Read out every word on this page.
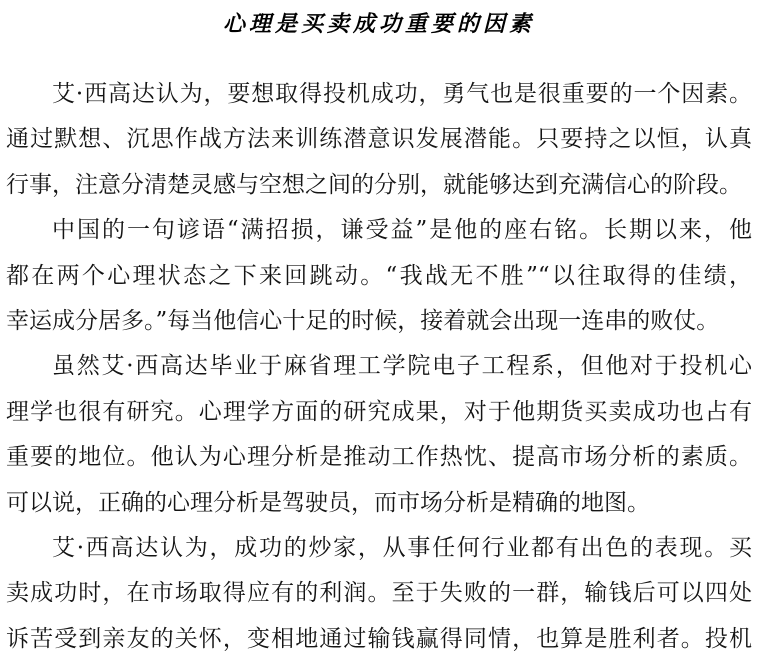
心理是买卖成功重要的因素
艾·西高达认为，要想取得投机成功，勇气也是很重要的一个因素。
通过默想、沉思作战方法来训练潜意识发展潜能。只要持之以恒，认真
行事，注意分清楚灵感与空想之间的分别，就能够达到充满信心的阶段。
中国的一句谚语“满招损，谦受益”是他的座右铭。长期以来，他
都在两个心理状态之下来回跳动。“我战无不胜”“以往取得的佳绩，
幸运成分居多。”每当他信心十足的时候，接着就会出现一连串的败仗。
虽然艾·西高达毕业于麻省理工学院电子工程系，但他对于投机心
理学也很有研究。心理学方面的研究成果，对于他期货买卖成功也占有
重要的地位。他认为心理分析是推动工作热忱、提高市场分析的素质。
可以说，正确的心理分析是驾驶员，而市场分析是精确的地图。
艾·西高达认为，成功的炒家，从事任何行业都有出色的表现。买
卖成功时，在市场取得应有的利润。至于失败的一群，输钱后可以四处
诉苦受到亲友的关怀，变相地通过输钱赢得同情，也算是胜利者。投机
